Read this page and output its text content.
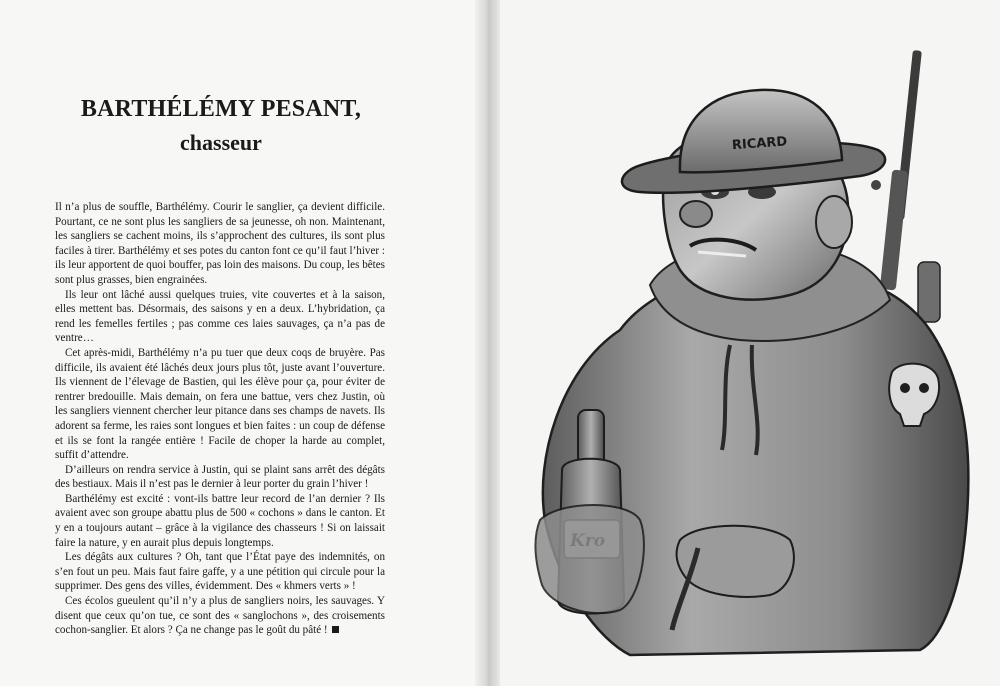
BARTHÉLÉMY PESANT,
chasseur

Il n’a plus de souffle, Barthélémy. Courir le sanglier, ça devient difficile. Pourtant, ce ne sont plus les sangliers de sa jeunesse, oh non. Maintenant, les sangliers se cachent moins, ils s’approchent des cultures, ils sont plus faciles à tirer. Barthélémy et ses potes du canton font ce qu’il faut l’hiver : ils leur apportent de quoi bouffer, pas loin des maisons. Du coup, les bêtes sont plus grasses, bien engrainées.

Ils leur ont lâché aussi quelques truies, vite couvertes et à la saison, elles mettent bas. Désormais, des saisons y en a deux. L’hybridation, ça rend les femelles fertiles ; pas comme ces laies sauvages, ça n’a pas de ventre…

Cet après-midi, Barthélémy n’a pu tuer que deux coqs de bruyère. Pas difficile, ils avaient été lâchés deux jours plus tôt, juste avant l’ouverture. Ils viennent de l’élevage de Bastien, qui les élève pour ça, pour éviter de rentrer bredouille. Mais demain, on fera une battue, vers chez Justin, où les sangliers viennent chercher leur pitance dans ses champs de navets. Ils adorent sa ferme, les raies sont longues et bien faites : un coup de défense et ils se font la rangée entière ! Facile de choper la harde au complet, suffit d’attendre.

D’ailleurs on rendra service à Justin, qui se plaint sans arrêt des dégâts des bestiaux. Mais il n’est pas le dernier à leur porter du grain l’hiver !

Barthélémy est excité : vont-ils battre leur record de l’an dernier ? Ils avaient avec son groupe abattu plus de 500 « cochons » dans le canton. Et y en a toujours autant – grâce à la vigilance des chasseurs ! Si on laissait faire la nature, y en aurait plus depuis longtemps.

Les dégâts aux cultures ? Oh, tant que l’État paye des indemnités, on s’en fout un peu. Mais faut faire gaffe, y a une pétition qui circule pour la supprimer. Des gens des villes, évidemment. Des « khmers verts » !

Ces écolos gueulent qu’il n’y a plus de sangliers noirs, les sauvages. Y disent que ceux qu’on tue, ce sont des « sanglochons », des croisements cochon-sanglier. Et alors ? Ça ne change pas le goût du pâté !

RICARD
